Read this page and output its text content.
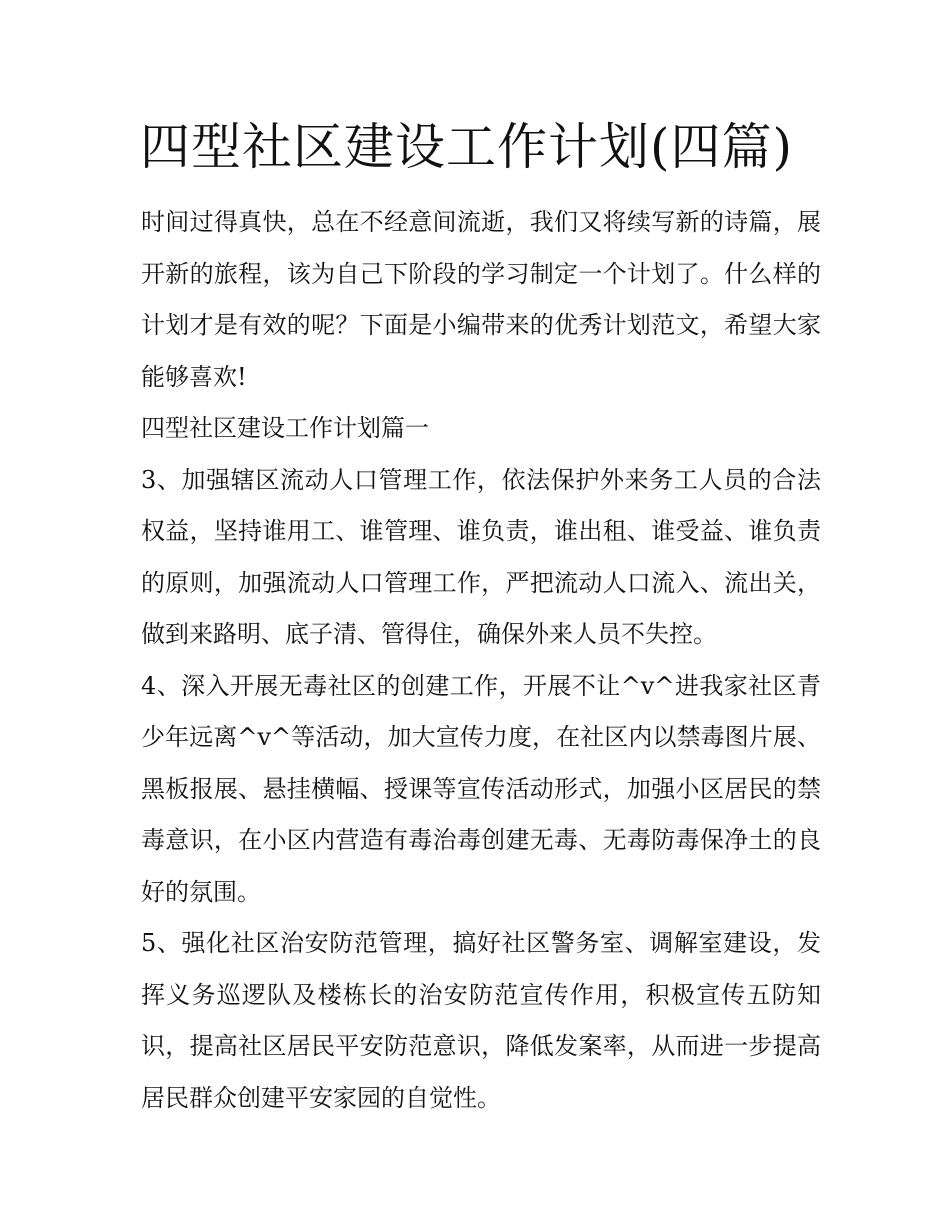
四型社区建设工作计划(四篇)

时间过得真快，总在不经意间流逝，我们又将续写新的诗篇，展开新的旅程，该为自己下阶段的学习制定一个计划了。什么样的计划才是有效的呢？下面是小编带来的优秀计划范文，希望大家能够喜欢!

四型社区建设工作计划篇一

3、加强辖区流动人口管理工作，依法保护外来务工人员的合法权益，坚持谁用工、谁管理、谁负责，谁出租、谁受益、谁负责的原则，加强流动人口管理工作，严把流动人口流入、流出关，做到来路明、底子清、管得住，确保外来人员不失控。

4、深入开展无毒社区的创建工作，开展不让^v^进我家社区青少年远离^v^等活动，加大宣传力度，在社区内以禁毒图片展、黑板报展、悬挂横幅、授课等宣传活动形式，加强小区居民的禁毒意识，在小区内营造有毒治毒创建无毒、无毒防毒保净土的良好的氛围。

5、强化社区治安防范管理，搞好社区警务室、调解室建设，发挥义务巡逻队及楼栋长的治安防范宣传作用，积极宣传五防知识，提高社区居民平安防范意识，降低发案率，从而进一步提高居民群众创建平安家园的自觉性。
